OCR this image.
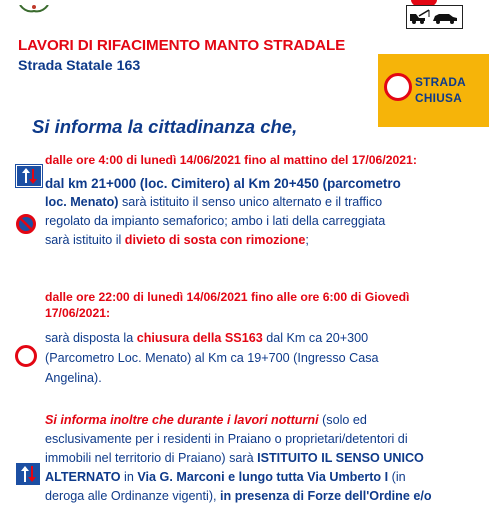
LAVORI DI RIFACIMENTO MANTO STRADALE
Strada Statale 163
STRADA
CHIUSA
Si informa la cittadinanza che,
dalle ore 4:00 di lunedì 14/06/2021 fino al mattino del 17/06/2021:
dal km 21+000 (loc. Cimitero) al Km 20+450 (parcometro
loc. Menato) sarà istituito il senso unico alternato e il traffico
regolato da impianto semaforico; ambo i lati della carreggiata
sarà istituito il divieto di sosta con rimozione;
dalle ore 22:00 di lunedì 14/06/2021 fino alle ore 6:00 di Giovedì
17/06/2021:
sarà disposta la chiusura della SS163 dal Km ca 20+300
(Parcometro Loc. Menato) al Km ca 19+700 (Ingresso Casa
Angelina).
Si informa inoltre che durante i lavori notturni (solo ed
esclusivamente per i residenti in Praiano o proprietari/detentori di
immobili nel territorio di Praiano) sarà ISTITUITO IL SENSO UNICO
ALTERNATO in Via G. Marconi e lungo tutta Via Umberto I (in
deroga alle Ordinanze vigenti), in presenza di Forze dell'Ordine e/o
